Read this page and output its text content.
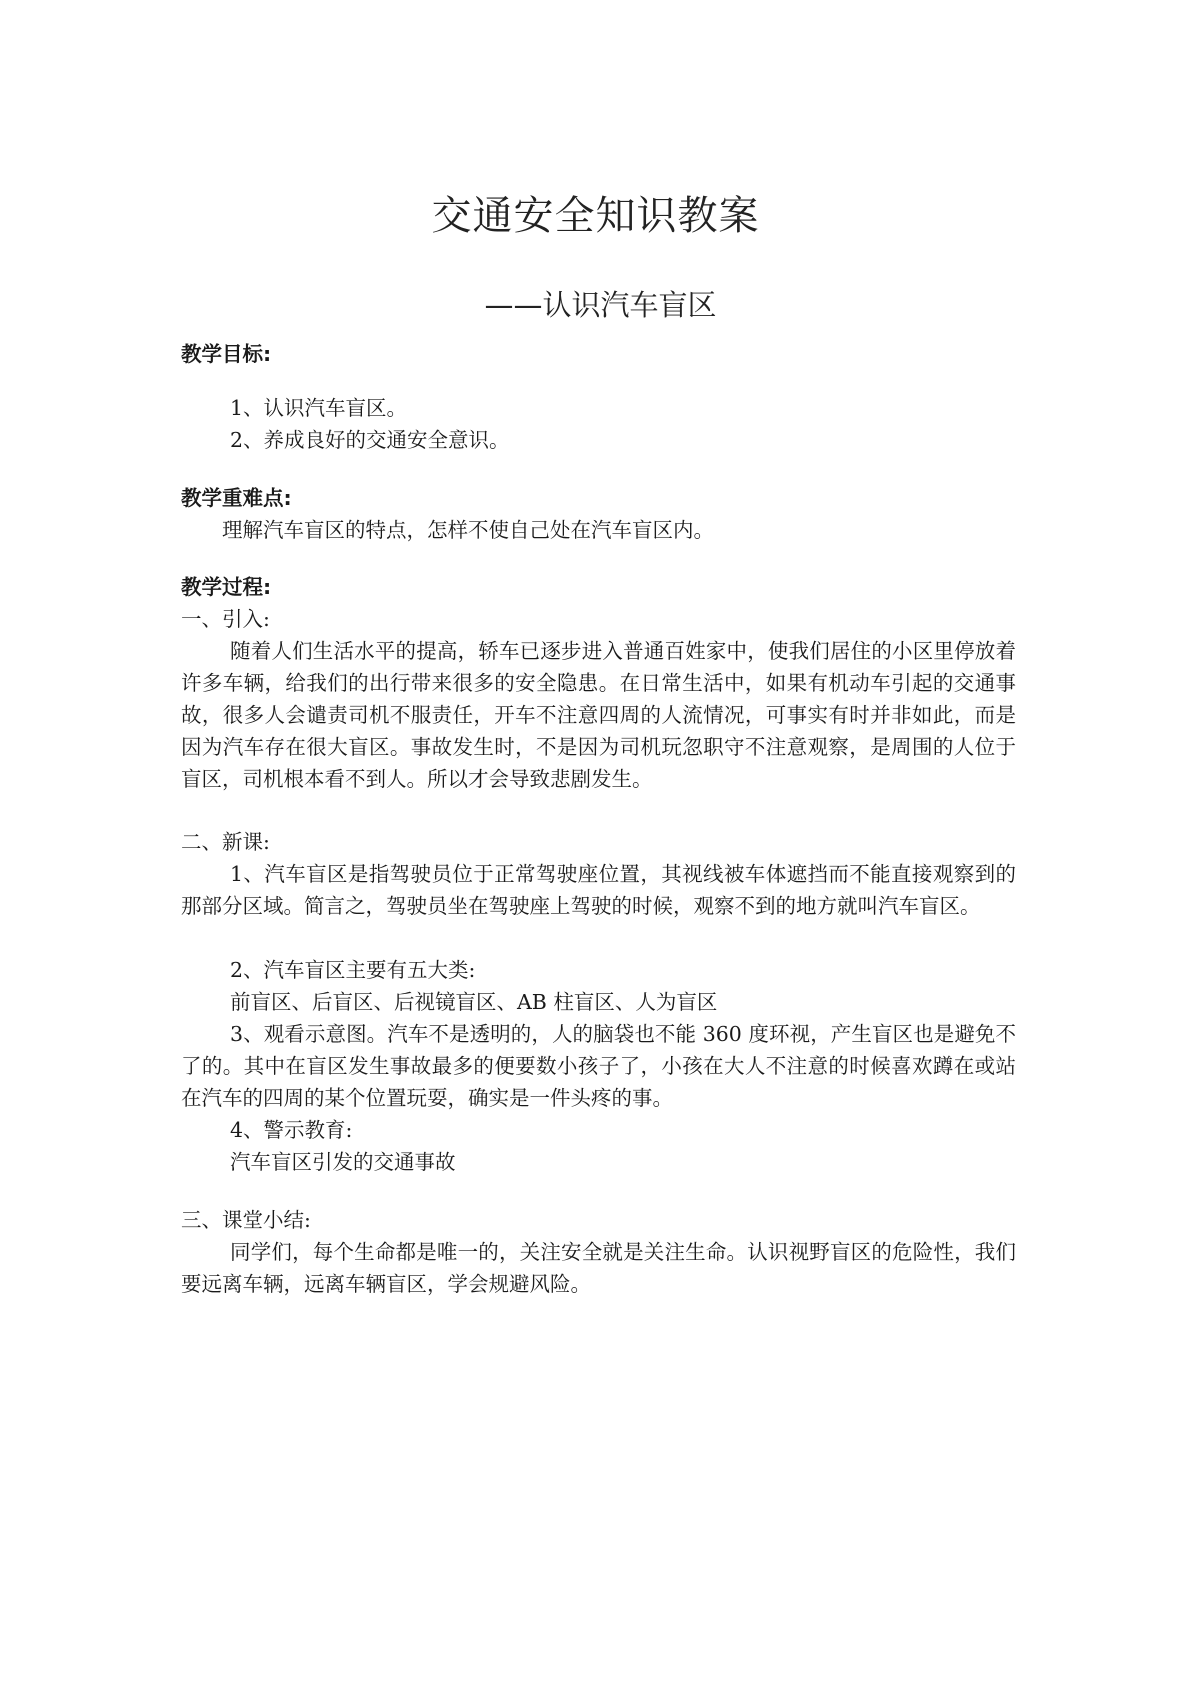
交通安全知识教案
——认识汽车盲区
教学目标:
1、认识汽车盲区。
2、养成良好的交通安全意识。
教学重难点:
理解汽车盲区的特点，怎样不使自己处在汽车盲区内。
教学过程:
一、引入:

随着人们生活水平的提高，轿车已逐步进入普通百姓家中，使我们居住的小区里停放着许多车辆，给我们的出行带来很多的安全隐患。在日常生活中，如果有机动车引起的交通事故，很多人会谴责司机不服责任，开车不注意四周的人流情况，可事实有时并非如此，而是因为汽车存在很大盲区。事故发生时，不是因为司机玩忽职守不注意观察，是周围的人位于盲区，司机根本看不到人。所以才会导致悲剧发生。

二、新课:

1、汽车盲区是指驾驶员位于正常驾驶座位置，其视线被车体遮挡而不能直接观察到的那部分区域。简言之，驾驶员坐在驾驶座上驾驶的时候，观察不到的地方就叫汽车盲区。

2、汽车盲区主要有五大类:
前盲区、后盲区、后视镜盲区、AB 柱盲区、人为盲区

3、观看示意图。汽车不是透明的，人的脑袋也不能 360 度环视，产生盲区也是避免不了的。其中在盲区发生事故最多的便要数小孩子了，小孩在大人不注意的时候喜欢蹲在或站在汽车的四周的某个位置玩耍，确实是一件头疼的事。

4、警示教育:
汽车盲区引发的交通事故
三、课堂小结:

同学们，每个生命都是唯一的，关注安全就是关注生命。认识视野盲区的危险性，我们要远离车辆，远离车辆盲区，学会规避风险。
